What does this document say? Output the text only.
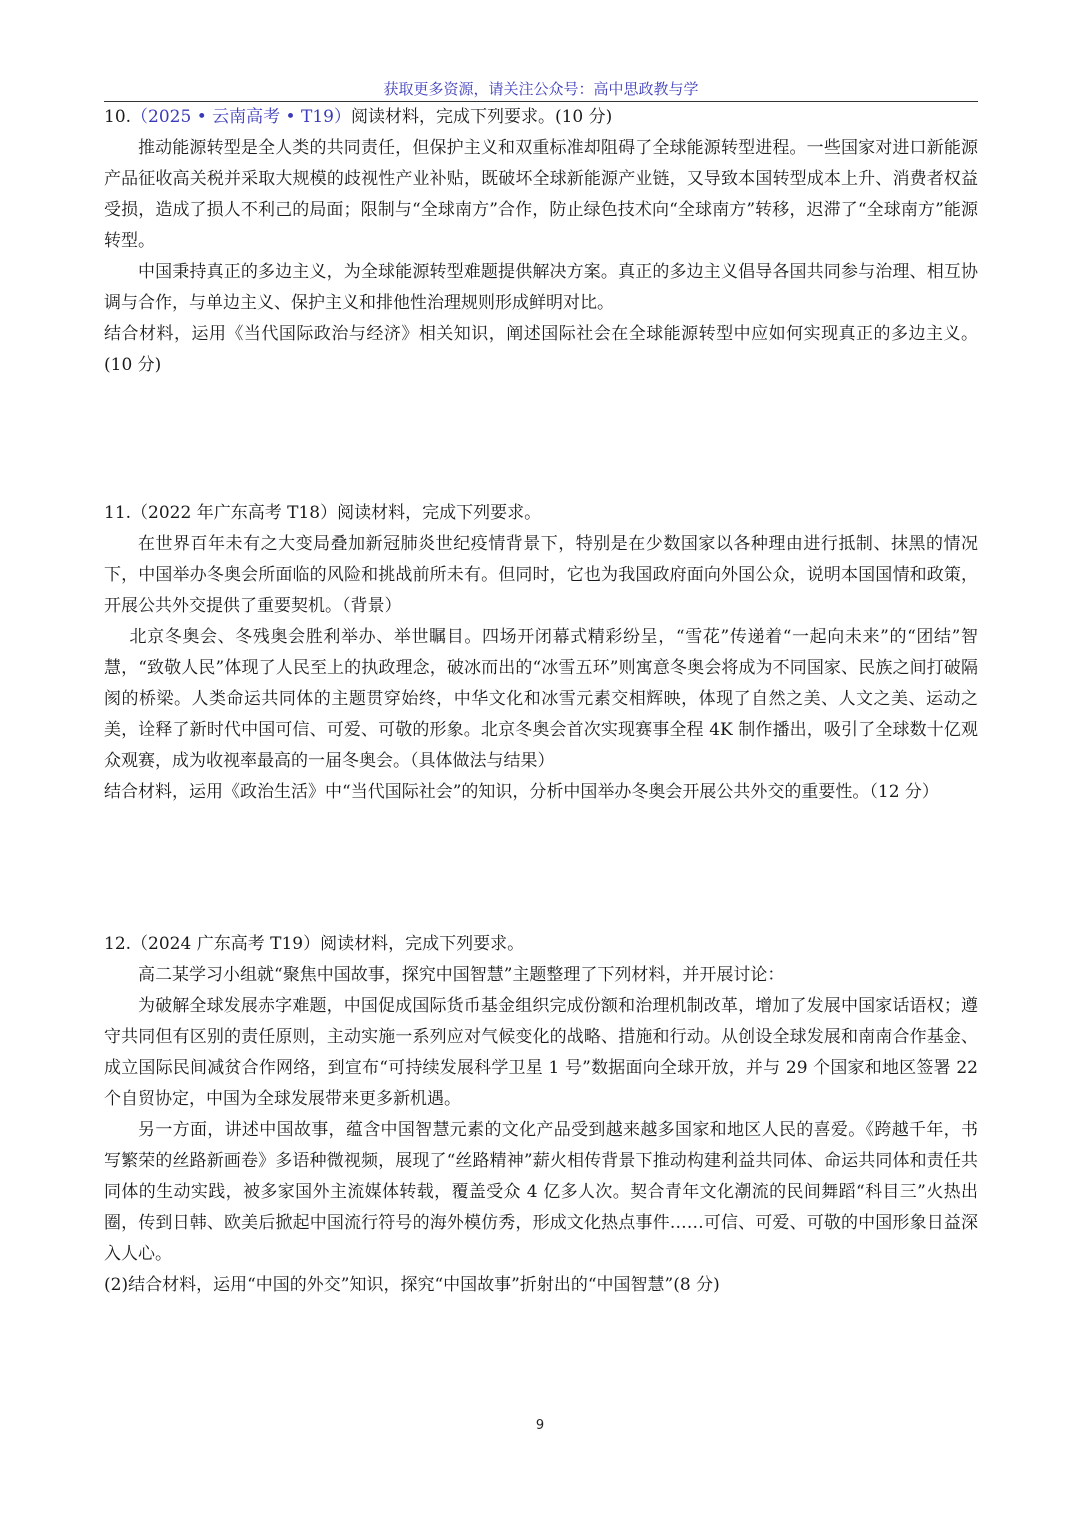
获取更多资源，请关注公众号：高中思政教与学

10.（2025 • 云南高考 • T19）阅读材料，完成下列要求。(10 分)

推动能源转型是全人类的共同责任，但保护主义和双重标准却阻碍了全球能源转型进程。一些国家对进口新能源产品征收高关税并采取大规模的歧视性产业补贴，既破坏全球新能源产业链，又导致本国转型成本上升、消费者权益受损，造成了损人不利己的局面；限制与“全球南方”合作，防止绿色技术向“全球南方”转移，迟滞了“全球南方”能源转型。

中国秉持真正的多边主义，为全球能源转型难题提供解决方案。真正的多边主义倡导各国共同参与治理、相互协调与合作，与单边主义、保护主义和排他性治理规则形成鲜明对比。

结合材料，运用《当代国际政治与经济》相关知识，阐述国际社会在全球能源转型中应如何实现真正的多边主义。(10 分)

11.（2022 年广东高考 T18）阅读材料，完成下列要求。

在世界百年未有之大变局叠加新冠肺炎世纪疫情背景下，特别是在少数国家以各种理由进行抵制、抹黑的情况下，中国举办冬奥会所面临的风险和挑战前所未有。但同时，它也为我国政府面向外国公众，说明本国国情和政策，开展公共外交提供了重要契机。（背景）

北京冬奥会、冬残奥会胜利举办、举世瞩目。四场开闭幕式精彩纷呈，“雪花”传递着“一起向未来”的“团结”智慧，“致敬人民”体现了人民至上的执政理念，破冰而出的“冰雪五环”则寓意冬奥会将成为不同国家、民族之间打破隔阂的桥梁。人类命运共同体的主题贯穿始终，中华文化和冰雪元素交相辉映，体现了自然之美、人文之美、运动之美，诠释了新时代中国可信、可爱、可敬的形象。北京冬奥会首次实现赛事全程 4K 制作播出，吸引了全球数十亿观众观赛，成为收视率最高的一届冬奥会。（具体做法与结果）

结合材料，运用《政治生活》中“当代国际社会”的知识，分析中国举办冬奥会开展公共外交的重要性。（12 分）

12.（2024 广东高考 T19）阅读材料，完成下列要求。

高二某学习小组就“聚焦中国故事，探究中国智慧”主题整理了下列材料，并开展讨论：

为破解全球发展赤字难题，中国促成国际货币基金组织完成份额和治理机制改革，增加了发展中国家话语权；遵守共同但有区别的责任原则，主动实施一系列应对气候变化的战略、措施和行动。从创设全球发展和南南合作基金、成立国际民间减贫合作网络，到宣布“可持续发展科学卫星 1 号”数据面向全球开放，并与 29 个国家和地区签署 22 个自贸协定，中国为全球发展带来更多新机遇。

另一方面，讲述中国故事，蕴含中国智慧元素的文化产品受到越来越多国家和地区人民的喜爱。《跨越千年，书写繁荣的丝路新画卷》多语种微视频，展现了“丝路精神”薪火相传背景下推动构建利益共同体、命运共同体和责任共同体的生动实践，被多家国外主流媒体转载，覆盖受众 4 亿多人次。契合青年文化潮流的民间舞蹈“科目三”火热出圈，传到日韩、欧美后掀起中国流行符号的海外模仿秀，形成文化热点事件……可信、可爱、可敬的中国形象日益深入人心。

(2)结合材料，运用“中国的外交”知识，探究“中国故事”折射出的“中国智慧”(8 分)

9
